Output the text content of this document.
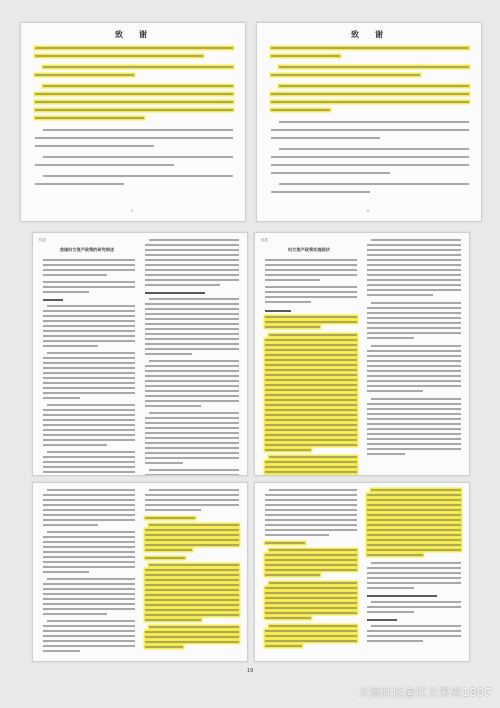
致　谢
ii
致　谢
ii
综述
我国妇女流产政策的研究综述
综述
妇女流产政策实施现状
19
天涯社区@江义荣老1807
